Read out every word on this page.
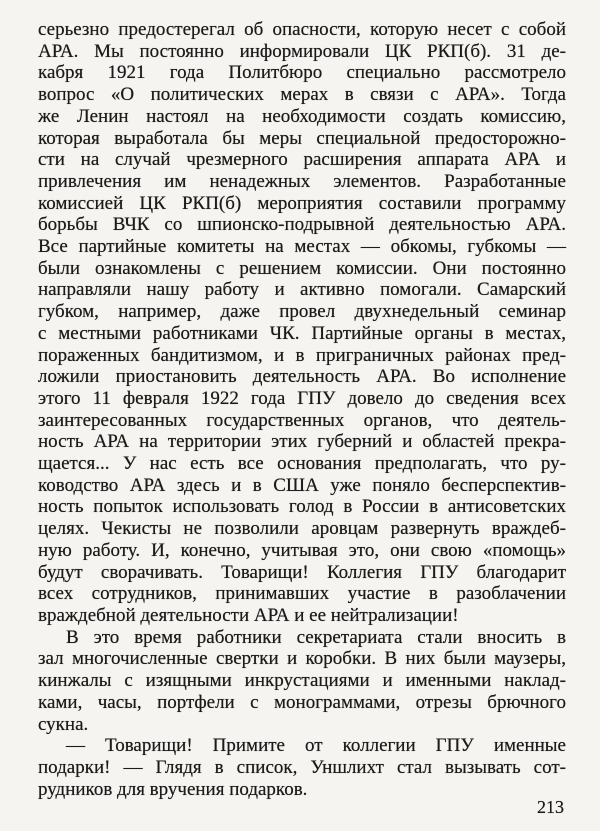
серьезно предостерегал об опасности, которую несет с собой
АРА. Мы постоянно информировали ЦК РКП(б). 31 де-
кабря 1921 года Политбюро специально рассмотрело
вопрос «О политических мерах в связи с АРА». Тогда
же Ленин настоял на необходимости создать комиссию,
которая выработала бы меры специальной предосторожно-
сти на случай чрезмерного расширения аппарата АРА и
привлечения им ненадежных элементов. Разработанные
комиссией ЦК РКП(б) мероприятия составили программу
борьбы ВЧК со шпионско-подрывной деятельностью АРА.
Все партийные комитеты на местах — обкомы, губкомы —
были ознакомлены с решением комиссии. Они постоянно
направляли нашу работу и активно помогали. Самарский
губком, например, даже провел двухнедельный семинар
с местными работниками ЧК. Партийные органы в местах,
пораженных бандитизмом, и в приграничных районах пред-
ложили приостановить деятельность АРА. Во исполнение
этого 11 февраля 1922 года ГПУ довело до сведения всех
заинтересованных государственных органов, что деятель-
ность АРА на территории этих губерний и областей прекра-
щается... У нас есть все основания предполагать, что ру-
ководство АРА здесь и в США уже поняло бесперспектив-
ность попыток использовать голод в России в антисоветских
целях. Чекисты не позволили аровцам развернуть враждеб-
ную работу. И, конечно, учитывая это, они свою «помощь»
будут сворачивать. Товарищи! Коллегия ГПУ благодарит
всех сотрудников, принимавших участие в разоблачении
враждебной деятельности АРА и ее нейтрализации!
В это время работники секретариата стали вносить в
зал многочисленные свертки и коробки. В них были маузеры,
кинжалы с изящными инкрустациями и именными наклад-
ками, часы, портфели с монограммами, отрезы брючного
сукна.
— Товарищи! Примите от коллегии ГПУ именные
подарки! — Глядя в список, Уншлихт стал вызывать сот-
рудников для вручения подарков.
213
